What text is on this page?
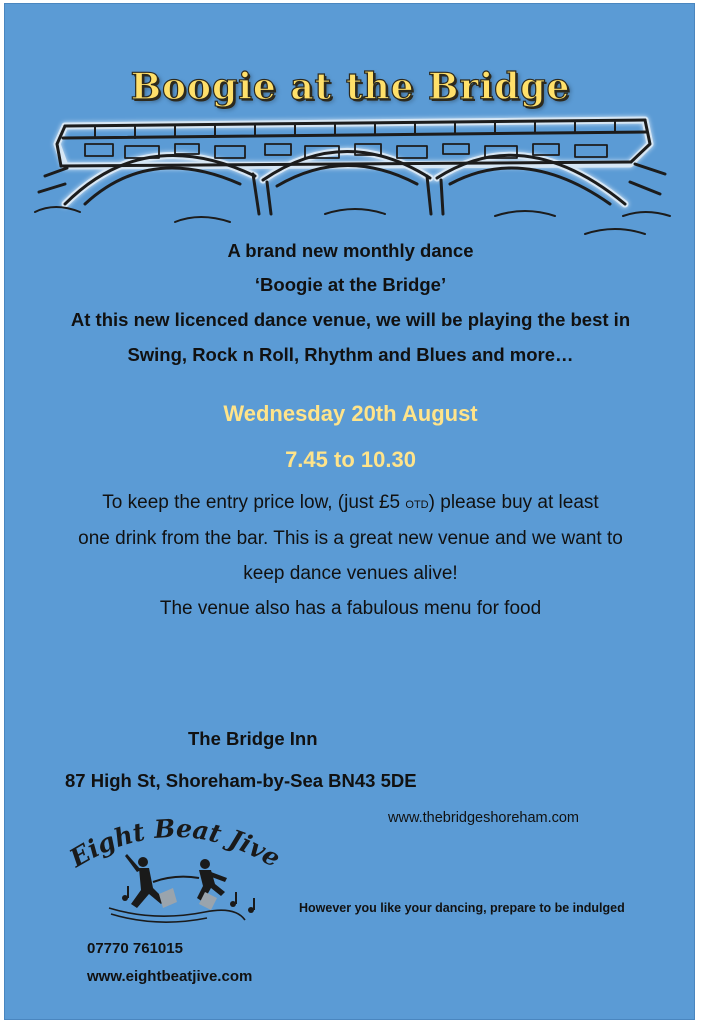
Boogie at the Bridge

A brand new monthly dance

‘Boogie at the Bridge’

At this new licenced dance venue, we will be playing the best in

Swing, Rock n Roll, Rhythm and Blues and more…

Wednesday 20th August

7.45 to 10.30

To keep the entry price low, (just £5 OTD) please buy at least

one drink from the bar. This is a great new venue and we want to

keep dance venues alive!

The venue also has a fabulous menu for food

The Bridge Inn

87 High St, Shoreham-by-Sea BN43 5DE

www.thebridgeshoreham.com

Eight Beat Jive

However you like your dancing, prepare to be indulged

07770 761015

www.eightbeatjive.com
